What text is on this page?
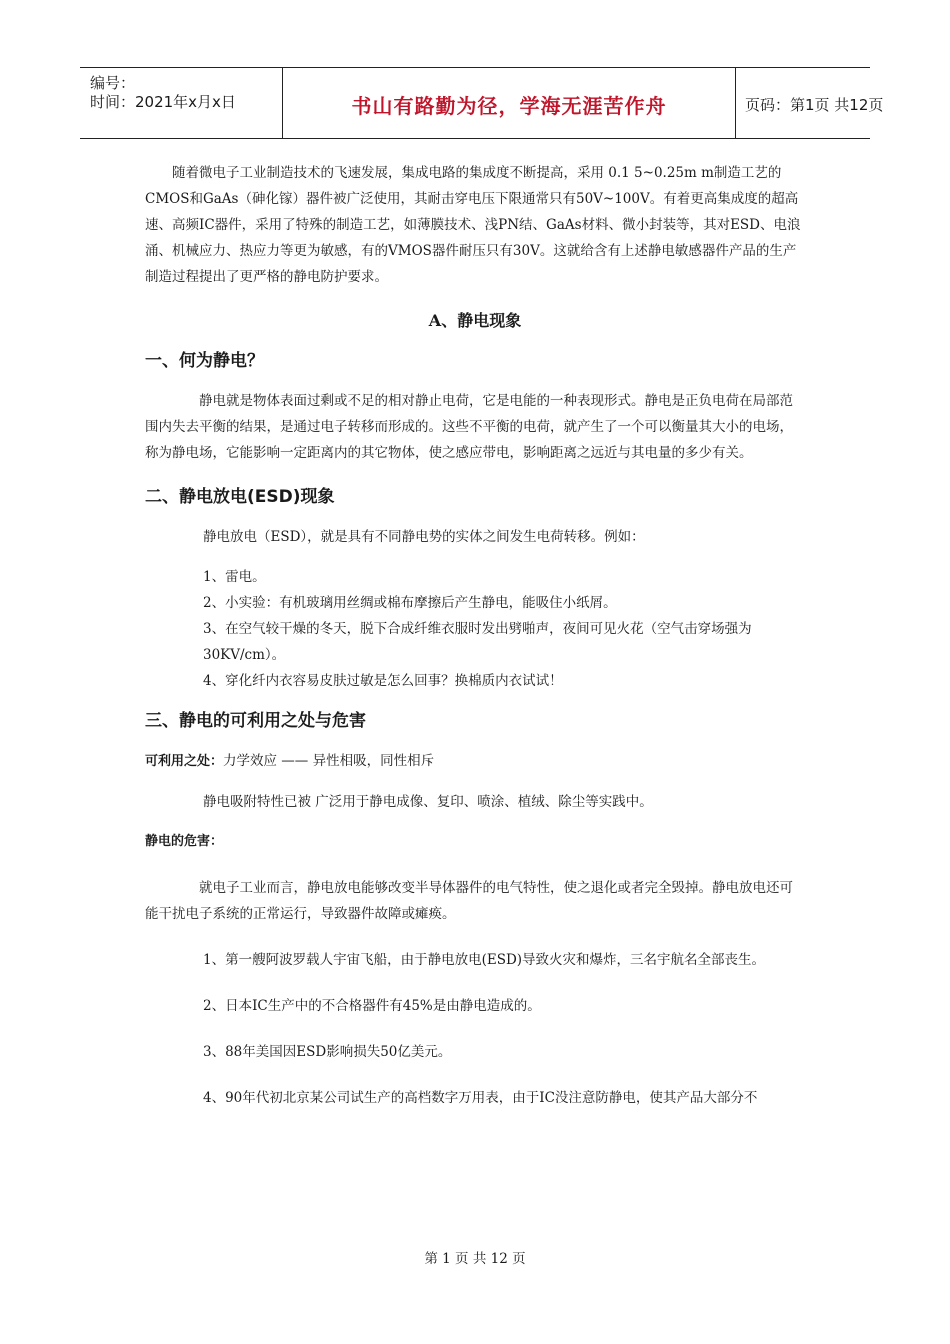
编号：
时间：2021年x月x日	书山有路勤为径，学海无涯苦作舟	页码：第1页 共12页

随着微电子工业制造技术的飞速发展，集成电路的集成度不断提高，采用 0.1 5~0.25m m制造工艺的CMOS和GaAs（砷化镓）器件被广泛使用，其耐击穿电压下限通常只有50V~100V。有着更高集成度的超高速、高频IC器件，采用了特殊的制造工艺，如薄膜技术、浅PN结、GaAs材料、微小封装等，其对ESD、电浪涌、机械应力、热应力等更为敏感，有的VMOS器件耐压只有30V。这就给含有上述静电敏感器件产品的生产制造过程提出了更严格的静电防护要求。

A、静电现象

一、何为静电？

静电就是物体表面过剩或不足的相对静止电荷，它是电能的一种表现形式。静电是正负电荷在局部范围内失去平衡的结果，是通过电子转移而形成的。这些不平衡的电荷，就产生了一个可以衡量其大小的电场，称为静电场，它能影响一定距离内的其它物体，使之感应带电，影响距离之远近与其电量的多少有关。

二、静电放电(ESD)现象

静电放电（ESD），就是具有不同静电势的实体之间发生电荷转移。例如：

1、雷电。

2、小实验：有机玻璃用丝绸或棉布摩擦后产生静电，能吸住小纸屑。

3、在空气较干燥的冬天，脱下合成纤维衣服时发出劈啪声，夜间可见火花（空气击穿场强为30KV/cm）。

4、穿化纤内衣容易皮肤过敏是怎么回事？换棉质内衣试试！

三、静电的可利用之处与危害

可利用之处：力学效应 —— 异性相吸，同性相斥

静电吸附特性已被 广泛用于静电成像、复印、喷涂、植绒、除尘等实践中。

静电的危害：

就电子工业而言，静电放电能够改变半导体器件的电气特性，使之退化或者完全毁掉。静电放电还可能干扰电子系统的正常运行，导致器件故障或瘫痪。

1、第一艘阿波罗载人宇宙飞船，由于静电放电(ESD)导致火灾和爆炸，三名宇航名全部丧生。

2、日本IC生产中的不合格器件有45%是由静电造成的。

3、88年美国因ESD影响损失50亿美元。

4、90年代初北京某公司试生产的高档数字万用表，由于IC没注意防静电，使其产品大部分不

第 1 页 共 12 页
